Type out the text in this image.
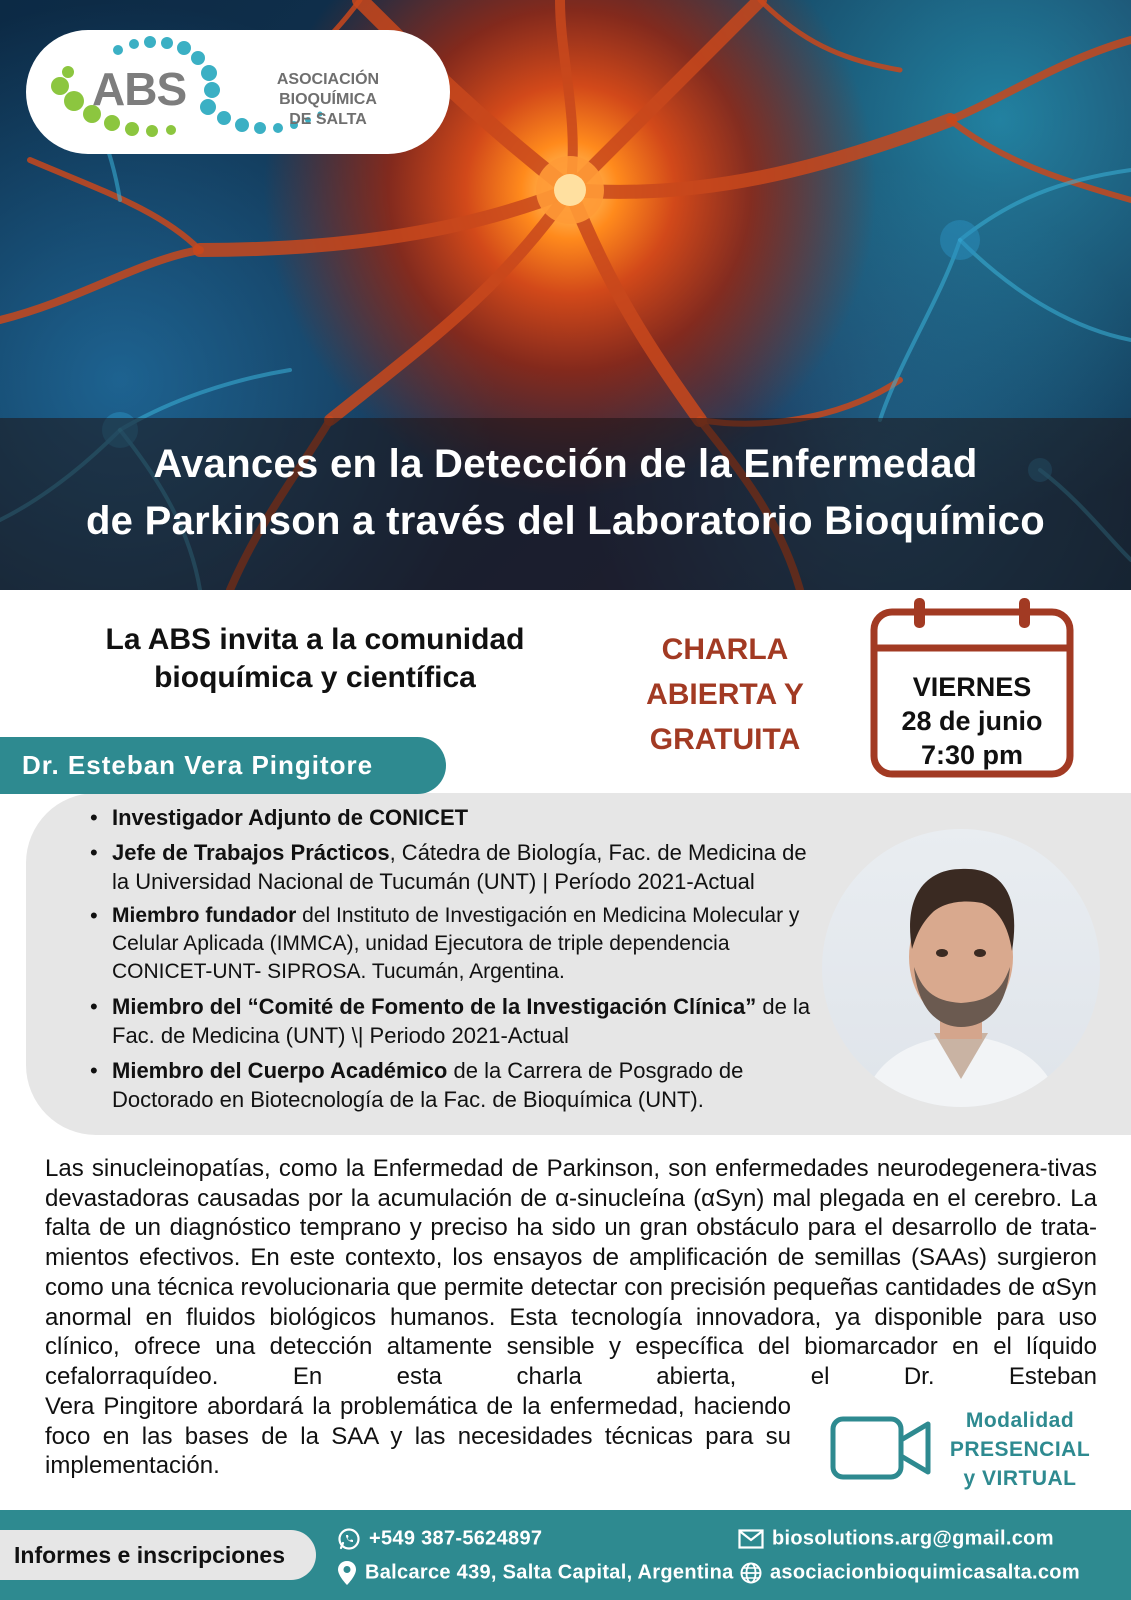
Avances en la Detección de la Enfermedad
de Parkinson a través del Laboratorio Bioquímico
ABS	ASOCIACIÓN BIOQUÍMICA
DE SALTA
La ABS invita a la comunidad
bioquímica y científica
CHARLA
ABIERTA Y
GRATUITA
VIERNES
28 de junio
7:30 pm
Dr. Esteban Vera Pingitore
• Investigador Adjunto de CONICET
• Jefe de Trabajos Prácticos, Cátedra de Biología, Fac. de Medicina de la Universidad Nacional de Tucumán (UNT) | Período 2021-Actual
• Miembro fundador del Instituto de Investigación en Medicina Molecular y Celular Aplicada (IMMCA), unidad Ejecutora de triple dependencia CONICET-UNT- SIPROSA. Tucumán, Argentina.
• Miembro del “Comité de Fomento de la Investigación Clínica” de la Fac. de Medicina (UNT) \| Periodo 2021-Actual
• Miembro del Cuerpo Académico de la Carrera de Posgrado de Doctorado en Biotecnología de la Fac. de Bioquímica (UNT).
Las sinucleinopatías, como la Enfermedad de Parkinson, son enfermedades neurodegenera-tivas devastadoras causadas por la acumulación de α-sinucleína (αSyn) mal plegada en el cerebro. La falta de un diagnóstico temprano y preciso ha sido un gran obstáculo para el desarrollo de trata-mientos efectivos. En este contexto, los ensayos de amplificación de semillas (SAAs) surgieron como una técnica revolucionaria que permite detectar con precisión pequeñas cantidades de αSyn anormal en fluidos biológicos humanos. Esta tecnología innovadora, ya disponible para uso clínico, ofrece una detección altamente sensible y específica del biomarcador en el líquido cefalorraquídeo. En esta charla abierta, el Dr. Esteban
Vera Pingitore abordará la problemática de la enfermedad, haciendo foco en las bases de la SAA y las necesidades técnicas para su implementación.
Modalidad
PRESENCIAL
y VIRTUAL
Informes e inscripciones
+549 387-5624897
Balcarce 439, Salta Capital, Argentina
biosolutions.arg@gmail.com
asociacionbioquimicasalta.com
